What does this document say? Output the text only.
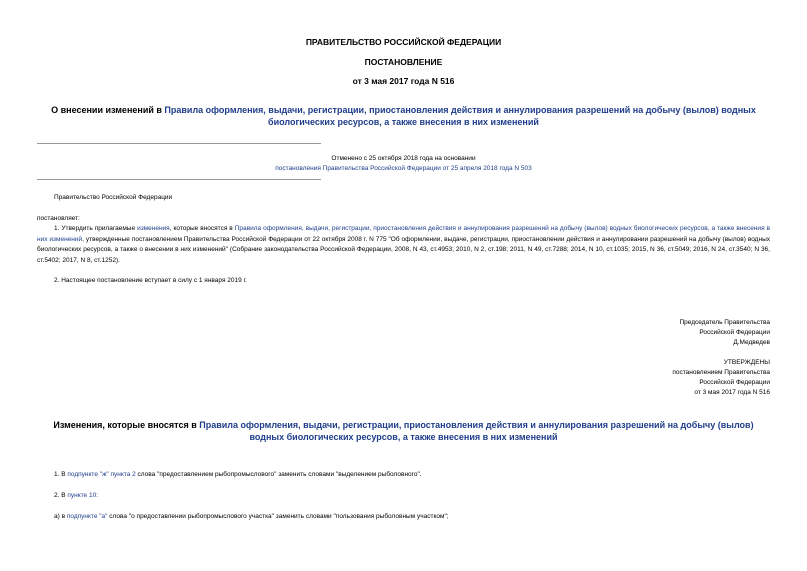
ПРАВИТЕЛЬСТВО РОССИЙСКОЙ ФЕДЕРАЦИИ
ПОСТАНОВЛЕНИЕ
от 3 мая 2017 года N 516
О внесении изменений в Правила оформления, выдачи, регистрации, приостановления действия и аннулирования разрешений на добычу (вылов) водных биологических ресурсов, а также внесения в них изменений
Отменено с 25 октября 2018 года на основании
постановления Правительства Российской Федерации от 25 апреля 2018 года N 503
Правительство Российской Федерации
постановляет:
1. Утвердить прилагаемые изменения, которые вносятся в Правила оформления, выдачи, регистрации, приостановления действия и аннулирования разрешений на добычу (вылов) водных биологических ресурсов, а также внесения в них изменений, утвержденные постановлением Правительства Российской Федерации от 22 октября 2008 г. N 775 "Об оформлении, выдаче, регистрации, приостановлении действия и аннулировании разрешений на добычу (вылов) водных биологических ресурсов, а также о внесении в них изменений" (Собрание законодательства Российской Федерации, 2008, N 43, ст.4953; 2010, N 2, ст.198; 2011, N 49, ст.7288; 2014, N 10, ст.1035; 2015, N 36, ст.5049; 2016, N 24, ст.3540; N 36, ст.5402; 2017, N 8, ст.1252).
2. Настоящее постановление вступает в силу с 1 января 2019 г.
Председатель Правительства
Российской Федерации
Д.Медведев
УТВЕРЖДЕНЫ
постановлением Правительства
Российской Федерации
от 3 мая 2017 года N 516
Изменения, которые вносятся в Правила оформления, выдачи, регистрации, приостановления действия и аннулирования разрешений на добычу (вылов) водных биологических ресурсов, а также внесения в них изменений
1. В подпункте "ж" пункта 2 слова "предоставлением рыбопромыслового" заменить словами "выделением рыболовного".
2. В пункте 10:
а) в подпункте "а" слова "о предоставлении рыбопромыслового участка" заменить словами "пользования рыболовным участком";
